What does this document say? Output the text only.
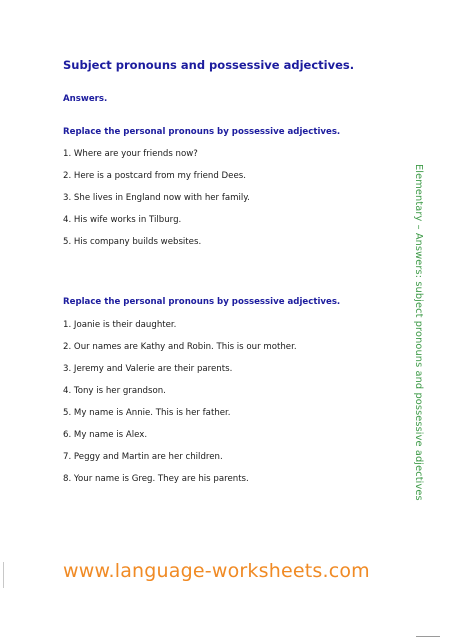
Subject pronouns and possessive adjectives.
Answers.
Replace the personal pronouns by possessive adjectives.
1. Where are your friends now?
2. Here is a postcard from my friend Dees.
3. She lives in England now with her family.
4. His wife works in Tilburg.
5. His company builds websites.
Replace the personal pronouns by possessive adjectives.
1. Joanie is their daughter.
2. Our names are Kathy and Robin. This is our mother.
3. Jeremy and Valerie are their parents.
4. Tony is her grandson.
5. My name is Annie. This is her father.
6. My name is Alex.
7. Peggy and Martin are her children.
8. Your name is Greg. They are his parents.	Elementary – Answers: subject pronouns and possessive adjectives
www.language-worksheets.com
